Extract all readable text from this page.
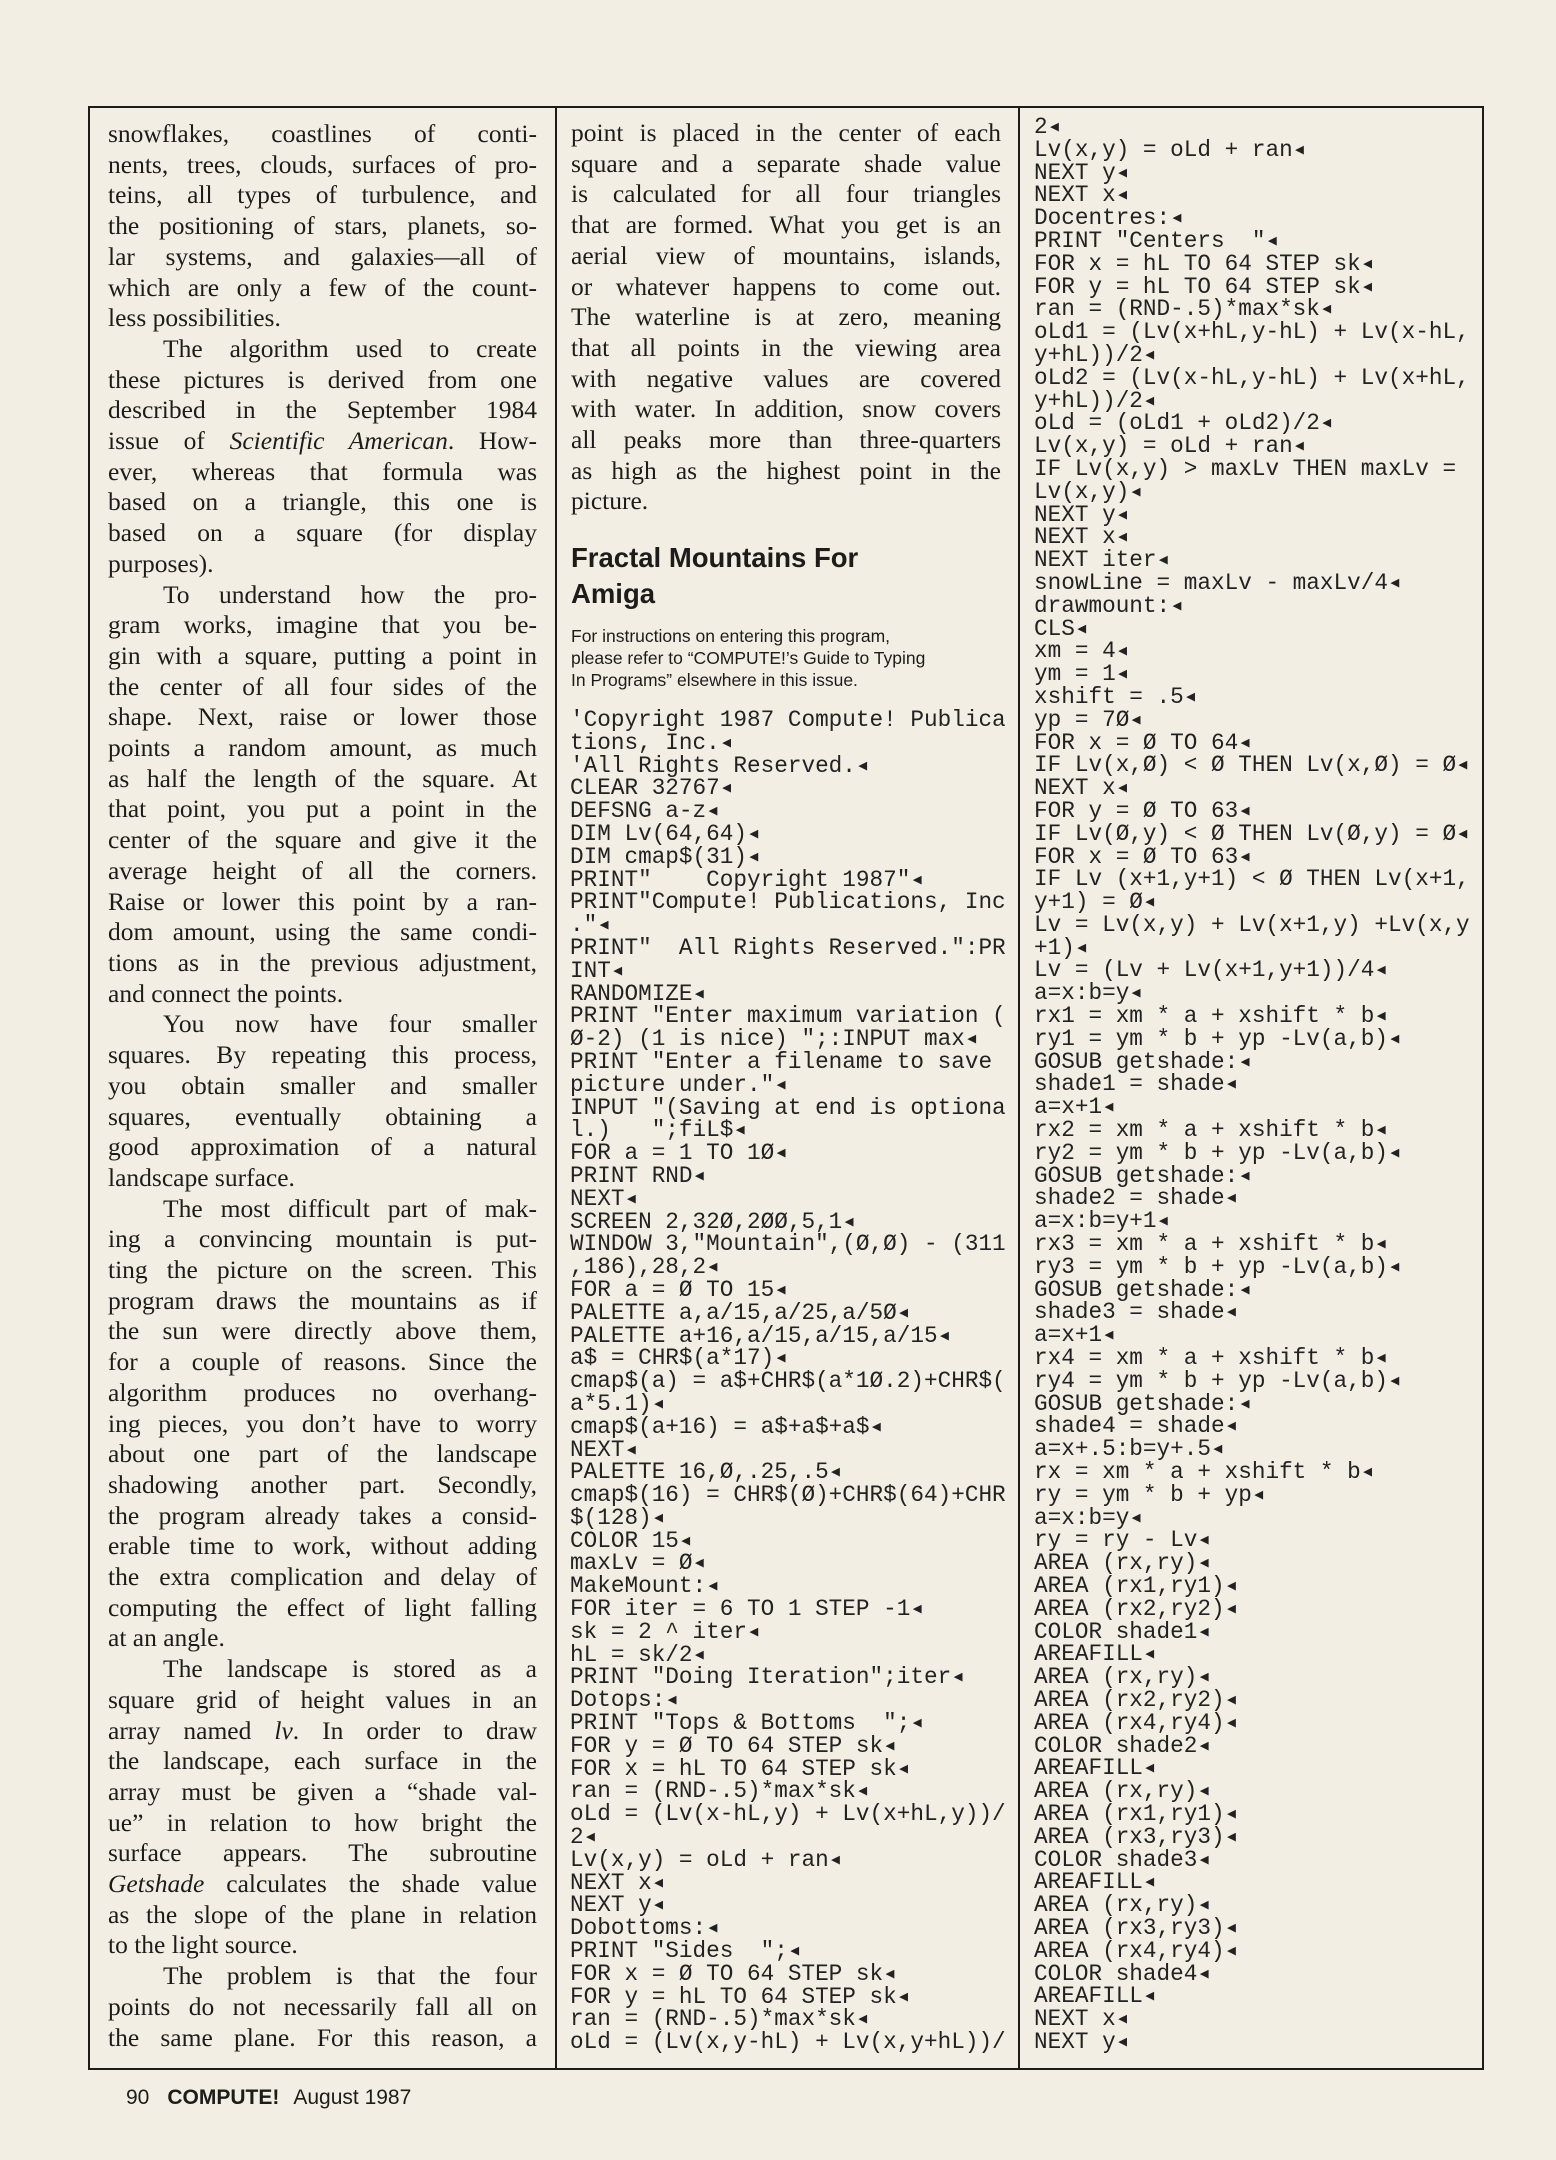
snowflakes, coastlines of conti-
nents, trees, clouds, surfaces of pro-
teins, all types of turbulence, and
the positioning of stars, planets, so-
lar systems, and galaxies—all of
which are only a few of the count-
less possibilities.
The algorithm used to create
these pictures is derived from one
described in the September 1984
issue of Scientific American. How-
ever, whereas that formula was
based on a triangle, this one is
based on a square (for display
purposes).
To understand how the pro-
gram works, imagine that you be-
gin with a square, putting a point in
the center of all four sides of the
shape. Next, raise or lower those
points a random amount, as much
as half the length of the square. At
that point, you put a point in the
center of the square and give it the
average height of all the corners.
Raise or lower this point by a ran-
dom amount, using the same condi-
tions as in the previous adjustment,
and connect the points.
You now have four smaller
squares. By repeating this process,
you obtain smaller and smaller
squares, eventually obtaining a
good approximation of a natural
landscape surface.
The most difficult part of mak-
ing a convincing mountain is put-
ting the picture on the screen. This
program draws the mountains as if
the sun were directly above them,
for a couple of reasons. Since the
algorithm produces no overhang-
ing pieces, you don’t have to worry
about one part of the landscape
shadowing another part. Secondly,
the program already takes a consid-
erable time to work, without adding
the extra complication and delay of
computing the effect of light falling
at an angle.
The landscape is stored as a
square grid of height values in an
array named lv. In order to draw
the landscape, each surface in the
array must be given a “shade val-
ue” in relation to how bright the
surface appears. The subroutine
Getshade calculates the shade value
as the slope of the plane in relation
to the light source.
The problem is that the four
points do not necessarily fall all on
the same plane. For this reason, a
point is placed in the center of each
square and a separate shade value
is calculated for all four triangles
that are formed. What you get is an
aerial view of mountains, islands,
or whatever happens to come out.
The waterline is at zero, meaning
that all points in the viewing area
with negative values are covered
with water. In addition, snow covers
all peaks more than three-quarters
as high as the highest point in the
picture.
Fractal Mountains For
Amiga
For instructions on entering this program,
please refer to “COMPUTE!’s Guide to Typing
In Programs” elsewhere in this issue.
'Copyright 1987 Compute! Publica
tions, Inc.◂
'All Rights Reserved.◂
CLEAR 32767◂
DEFSNG a-z◂
DIM Lv(64,64)◂
DIM cmap$(31)◂
PRINT"    Copyright 1987"◂
PRINT"Compute! Publications, Inc
."◂
PRINT"  All Rights Reserved.":PR
INT◂
RANDOMIZE◂
PRINT "Enter maximum variation (
Ø-2) (1 is nice) ";:INPUT max◂
PRINT "Enter a filename to save
picture under."◂
INPUT "(Saving at end is optiona
l.)   ";fiL$◂
FOR a = 1 TO 1Ø◂
PRINT RND◂
NEXT◂
SCREEN 2,32Ø,2ØØ,5,1◂
WINDOW 3,"Mountain",(Ø,Ø) - (311
,186),28,2◂
FOR a = Ø TO 15◂
PALETTE a,a/15,a/25,a/5Ø◂
PALETTE a+16,a/15,a/15,a/15◂
a$ = CHR$(a*17)◂
cmap$(a) = a$+CHR$(a*1Ø.2)+CHR$(
a*5.1)◂
cmap$(a+16) = a$+a$+a$◂
NEXT◂
PALETTE 16,Ø,.25,.5◂
cmap$(16) = CHR$(Ø)+CHR$(64)+CHR
$(128)◂
COLOR 15◂
maxLv = Ø◂
MakeMount:◂
FOR iter = 6 TO 1 STEP -1◂
sk = 2 ^ iter◂
hL = sk/2◂
PRINT "Doing Iteration";iter◂
Dotops:◂
PRINT "Tops & Bottoms  ";◂
FOR y = Ø TO 64 STEP sk◂
FOR x = hL TO 64 STEP sk◂
ran = (RND-.5)*max*sk◂
oLd = (Lv(x-hL,y) + Lv(x+hL,y))/
2◂
Lv(x,y) = oLd + ran◂
NEXT x◂
NEXT y◂
Dobottoms:◂
PRINT "Sides  ";◂
FOR x = Ø TO 64 STEP sk◂
FOR y = hL TO 64 STEP sk◂
ran = (RND-.5)*max*sk◂
oLd = (Lv(x,y-hL) + Lv(x,y+hL))/
2◂
Lv(x,y) = oLd + ran◂
NEXT y◂
NEXT x◂
Docentres:◂
PRINT "Centers  "◂
FOR x = hL TO 64 STEP sk◂
FOR y = hL TO 64 STEP sk◂
ran = (RND-.5)*max*sk◂
oLd1 = (Lv(x+hL,y-hL) + Lv(x-hL,
y+hL))/2◂
oLd2 = (Lv(x-hL,y-hL) + Lv(x+hL,
y+hL))/2◂
oLd = (oLd1 + oLd2)/2◂
Lv(x,y) = oLd + ran◂
IF Lv(x,y) > maxLv THEN maxLv =
Lv(x,y)◂
NEXT y◂
NEXT x◂
NEXT iter◂
snowLine = maxLv - maxLv/4◂
drawmount:◂
CLS◂
xm = 4◂
ym = 1◂
xshift = .5◂
yp = 7Ø◂
FOR x = Ø TO 64◂
IF Lv(x,Ø) < Ø THEN Lv(x,Ø) = Ø◂
NEXT x◂
FOR y = Ø TO 63◂
IF Lv(Ø,y) < Ø THEN Lv(Ø,y) = Ø◂
FOR x = Ø TO 63◂
IF Lv (x+1,y+1) < Ø THEN Lv(x+1,
y+1) = Ø◂
Lv = Lv(x,y) + Lv(x+1,y) +Lv(x,y
+1)◂
Lv = (Lv + Lv(x+1,y+1))/4◂
a=x:b=y◂
rx1 = xm * a + xshift * b◂
ry1 = ym * b + yp -Lv(a,b)◂
GOSUB getshade:◂
shade1 = shade◂
a=x+1◂
rx2 = xm * a + xshift * b◂
ry2 = ym * b + yp -Lv(a,b)◂
GOSUB getshade:◂
shade2 = shade◂
a=x:b=y+1◂
rx3 = xm * a + xshift * b◂
ry3 = ym * b + yp -Lv(a,b)◂
GOSUB getshade:◂
shade3 = shade◂
a=x+1◂
rx4 = xm * a + xshift * b◂
ry4 = ym * b + yp -Lv(a,b)◂
GOSUB getshade:◂
shade4 = shade◂
a=x+.5:b=y+.5◂
rx = xm * a + xshift * b◂
ry = ym * b + yp◂
a=x:b=y◂
ry = ry - Lv◂
AREA (rx,ry)◂
AREA (rx1,ry1)◂
AREA (rx2,ry2)◂
COLOR shade1◂
AREAFILL◂
AREA (rx,ry)◂
AREA (rx2,ry2)◂
AREA (rx4,ry4)◂
COLOR shade2◂
AREAFILL◂
AREA (rx,ry)◂
AREA (rx1,ry1)◂
AREA (rx3,ry3)◂
COLOR shade3◂
AREAFILL◂
AREA (rx,ry)◂
AREA (rx3,ry3)◂
AREA (rx4,ry4)◂
COLOR shade4◂
AREAFILL◂
NEXT x◂
NEXT y◂
90 COMPUTE! August 1987
